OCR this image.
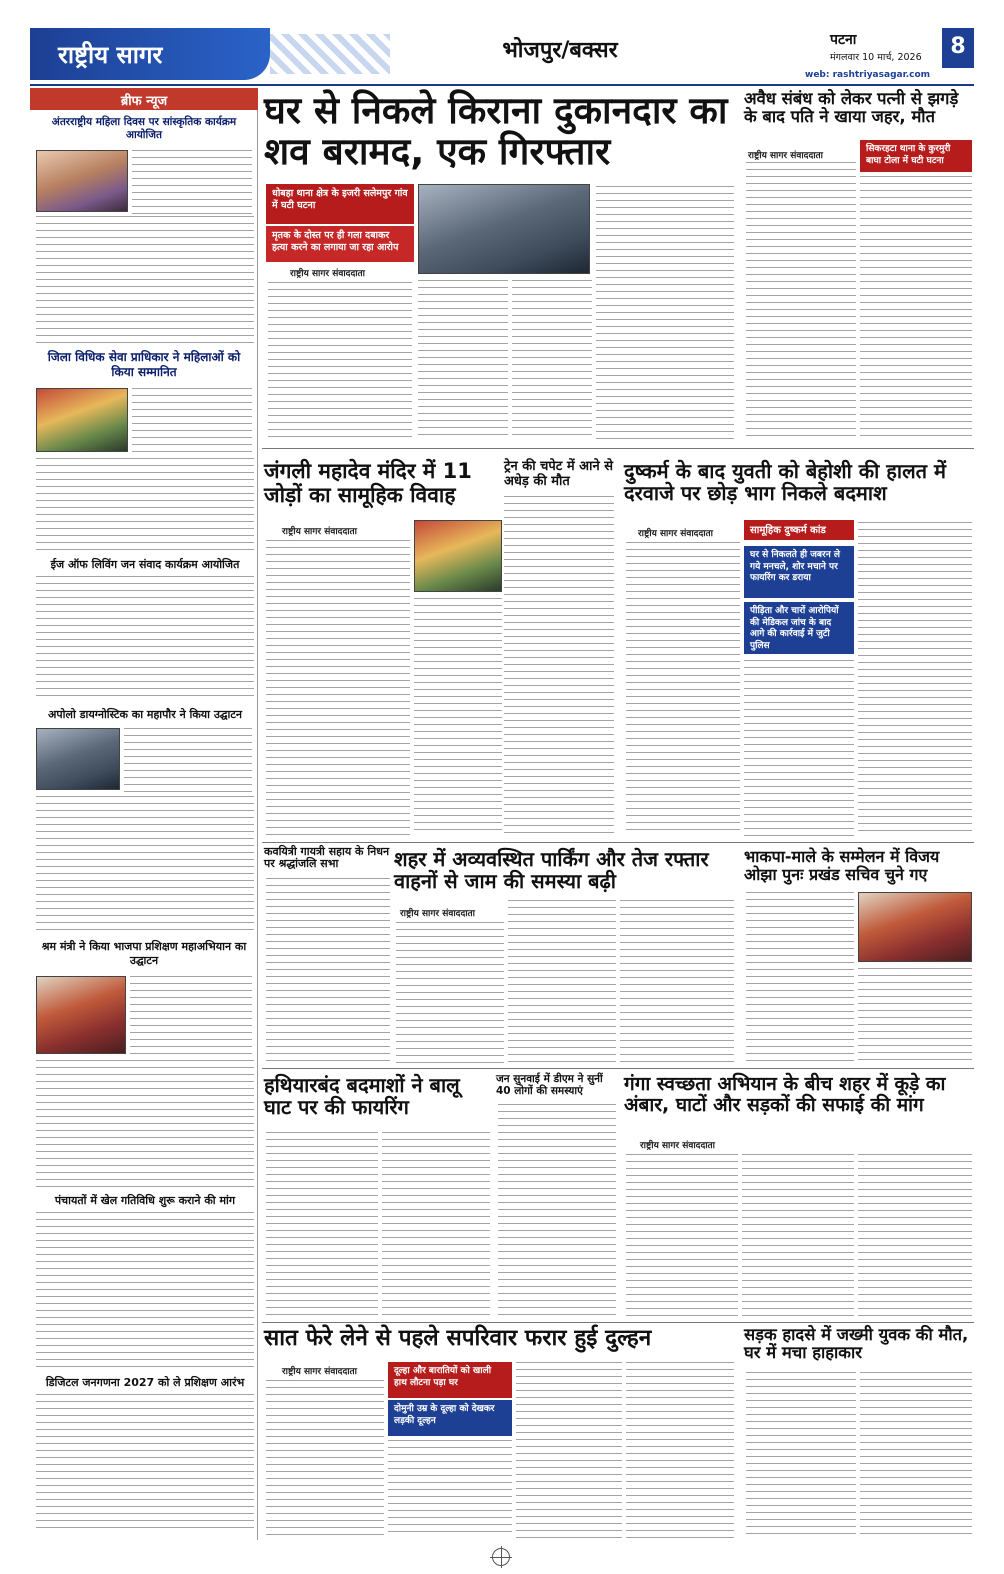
राष्ट्रीय सागर	भोजपुर/बक्सर	पटना
मंगलवार 10 मार्च, 2026	8
web: rashtriyasagar.com
ब्रीफ न्यूज
अंतरराष्ट्रीय महिला दिवस पर सांस्कृतिक कार्यक्रम आयोजित
जिला विधिक सेवा प्राधिकार ने महिलाओं को किया सम्मानित
ईज ऑफ लिविंग जन संवाद कार्यक्रम आयोजित
अपोलो डायग्नोस्टिक का महापौर ने किया उद्घाटन
श्रम मंत्री ने किया भाजपा प्रशिक्षण महाअभियान का उद्घाटन
पंचायतों में खेल गतिविधि शुरू कराने की मांग
डिजिटल जनगणना 2027 को ले प्रशिक्षण आरंभ
घर से निकले किराना दुकानदार का शव बरामद, एक गिरफ्तार
धोबहा थाना क्षेत्र के इजरी सलेमपुर गांव में घटी घटना
मृतक के दोस्त पर ही गला दबाकर हत्या करने का लगाया जा रहा आरोप
राष्ट्रीय सागर संवाददाता
अवैध संबंध को लेकर पत्नी से झगड़े के बाद पति ने खाया जहर, मौत
राष्ट्रीय सागर संवाददाता
सिकरहटा थाना के कुरमुरी बाघा टोला में घटी घटना
जंगली महादेव मंदिर में 11 जोड़ों का सामूहिक विवाह
राष्ट्रीय सागर संवाददाता
ट्रेन की चपेट में आने से अधेड़ की मौत	दुष्कर्म के बाद युवती को बेहोशी की हालत में दरवाजे पर छोड़ भाग निकले बदमाश
राष्ट्रीय सागर संवाददाता	सामूहिक दुष्कर्म कांड
घर से निकलते ही जबरन ले गये मनचले, शोर मचाने पर फायरिंग कर डराया
पीड़िता और चारों आरोपियों की मेडिकल जांच के बाद आगे की कार्रवाई में जुटी पुलिस
कवयित्री गायत्री सहाय के निधन पर श्रद्धांजलि सभा	शहर में अव्यवस्थित पार्किंग और तेज रफ्तार वाहनों से जाम की समस्या बढ़ी
राष्ट्रीय सागर संवाददाता
भाकपा-माले के सम्मेलन में विजय ओझा पुनः प्रखंड सचिव चुने गए
हथियारबंद बदमाशों ने बालू घाट पर की फायरिंग
जन सुनवाई में डीएम ने सुनीं 40 लोगों की समस्याएं	गंगा स्वच्छता अभियान के बीच शहर में कूड़े का अंबार, घाटों और सड़कों की सफाई की मांग
राष्ट्रीय सागर संवाददाता
सात फेरे लेने से पहले सपरिवार फरार हुई दुल्हन
राष्ट्रीय सागर संवाददाता	दूल्हा और बारातियों को खाली हाथ लौटना पड़ा घर
दोमुनी उम्र के दूल्हा को देखकर लड़की दूल्हन
सड़क हादसे में जख्मी युवक की मौत, घर में मचा हाहाकार
